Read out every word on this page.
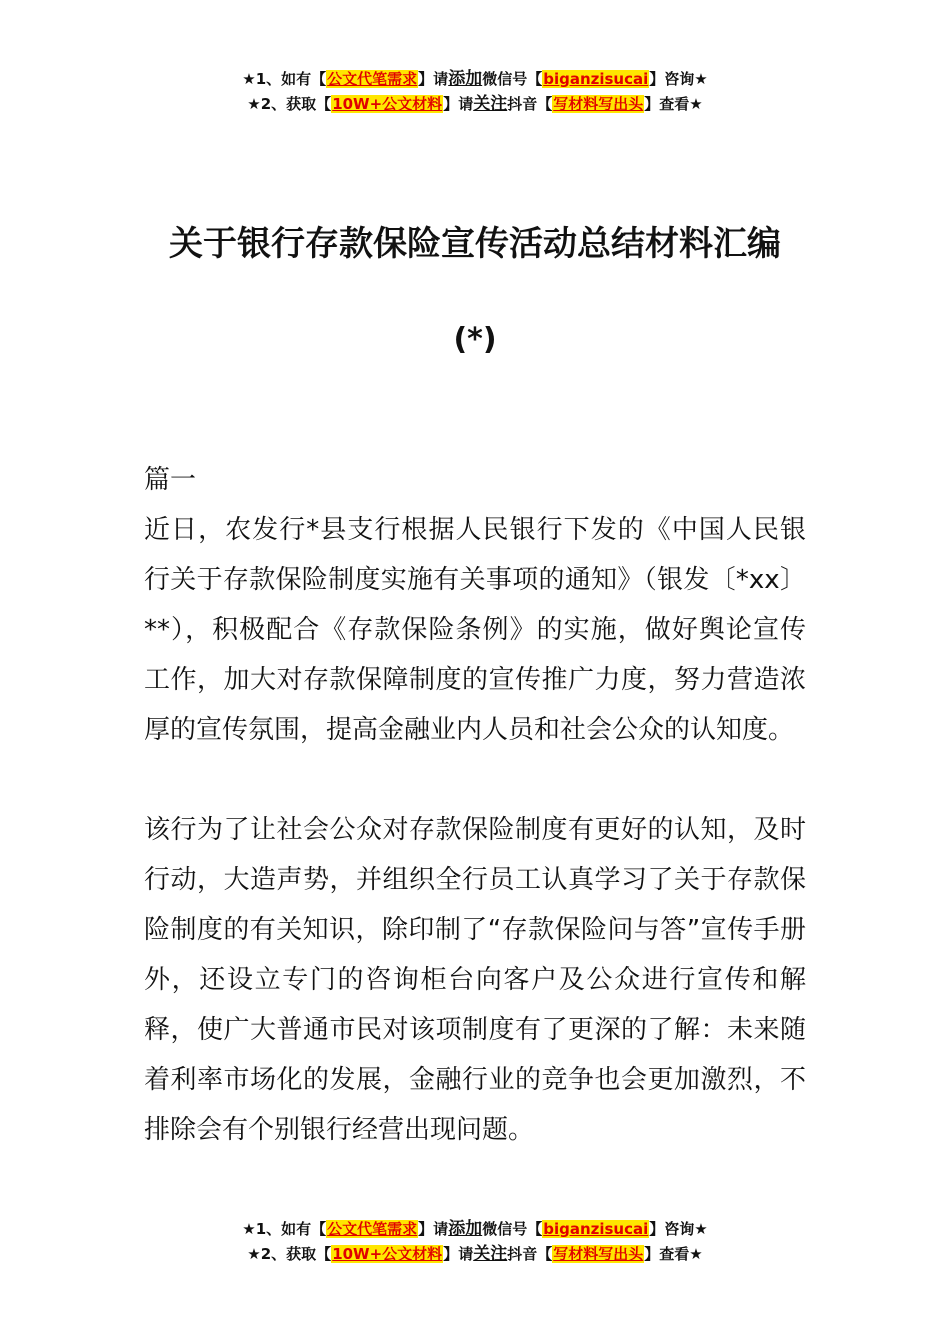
★1、如有【公文代笔需求】请添加微信号【biganzisucai】咨询★
★2、获取【10W+公文材料】请关注抖音【写材料写出头】查看★
关于银行存款保险宣传活动总结材料汇编
(*)

篇一

近日，农发行*县支行根据人民银行下发的《中国人民银行关于存款保险制度实施有关事项的通知》（银发〔*xx〕**），积极配合《存款保险条例》的实施，做好舆论宣传工作，加大对存款保障制度的宣传推广力度，努力营造浓厚的宣传氛围，提高金融业内人员和社会公众的认知度。

该行为了让社会公众对存款保险制度有更好的认知，及时行动，大造声势，并组织全行员工认真学习了关于存款保险制度的有关知识，除印制了“存款保险问与答”宣传手册外，还设立专门的咨询柜台向客户及公众进行宣传和解释，使广大普通市民对该项制度有了更深的了解：未来随着利率市场化的发展，金融行业的竞争也会更加激烈，不排除会有个别银行经营出现问题。

★1、如有【公文代笔需求】请添加微信号【biganzisucai】咨询★
★2、获取【10W+公文材料】请关注抖音【写材料写出头】查看★
